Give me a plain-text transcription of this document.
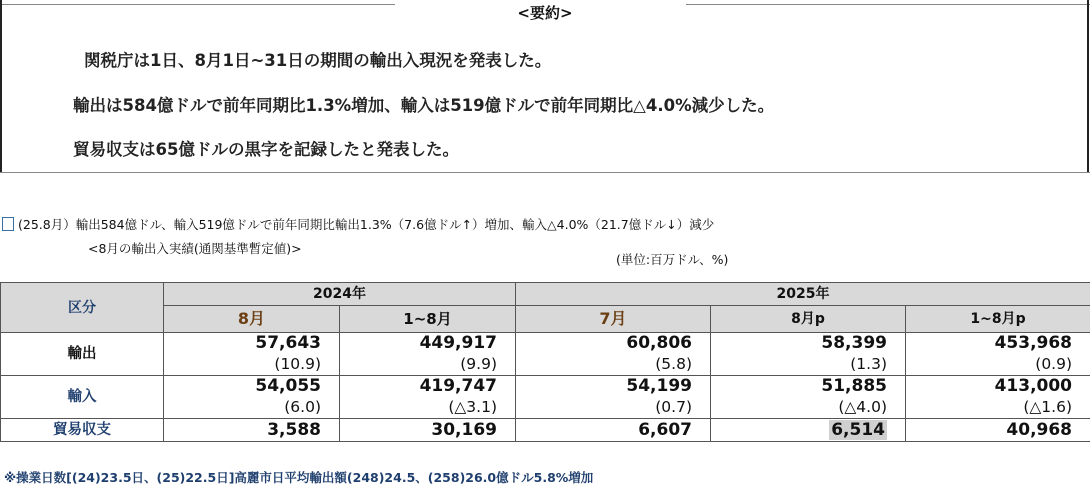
<要約>
関税庁は1日、8月1日~31日の期間の輸出入現況を発表した。
輸出は584億ドルで前年同期比1.3%増加、輸入は519億ドルで前年同期比△4.0%減少した。
貿易収支は65億ドルの黒字を記録したと発表した。
(25.8月）輸出584億ドル、輸入519億ドルで前年同期比輸出1.3%（7.6億ドル↑）増加、輸入△4.0%（21.7億ドル↓）減少
<8月の輸出入実績(通関基準暫定値)>
(単位:百万ドル、%)
区分	2024年		2025年		
	8月	1~8月	7月	8月p	1~8月p
輸出	57,643	449,917	60,806	58,399	453,968
	(10.9)	(9.9)	(5.8)	(1.3)	(0.9)
輸入	54,055	419,747	54,199	51,885	413,000
	(6.0)	(△3.1)	(0.7)	(△4.0)	(△1.6)
貿易収支	3,588	30,169	6,607	6,514	40,968
※操業日数[(24)23.5日、(25)22.5日]高麗市日平均輸出額(248)24.5、(258)26.0億ドル5.8%増加
